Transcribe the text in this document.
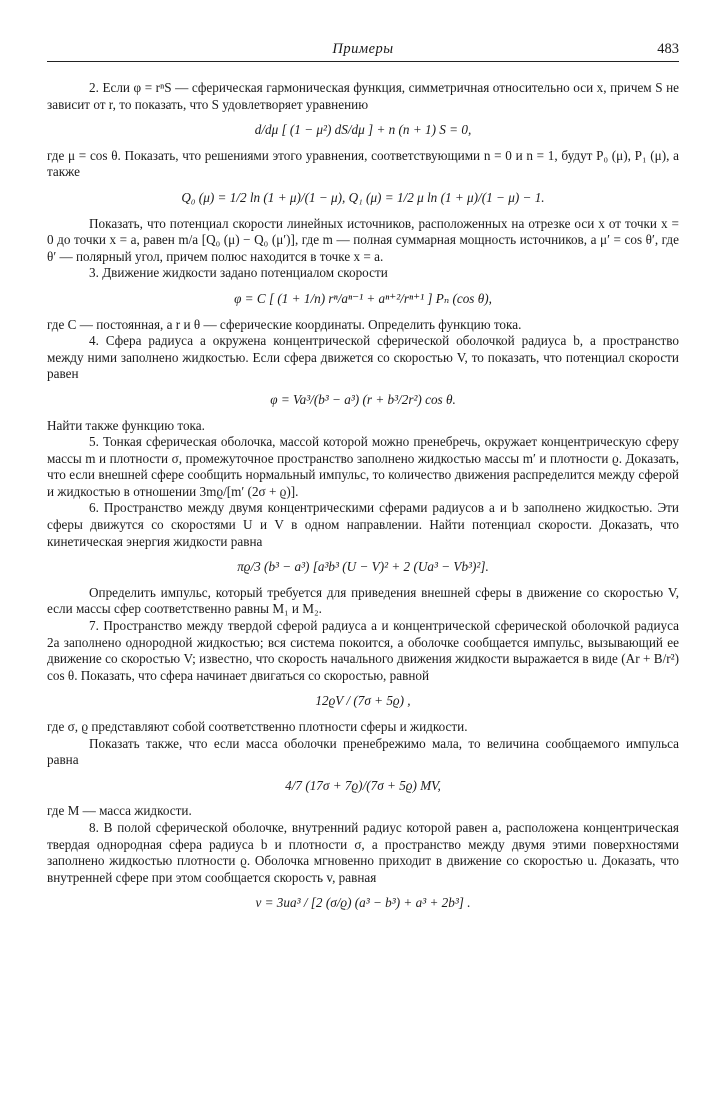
Примеры	483

2. Если φ = rⁿS — сферическая гармоническая функция, симметричная относительно оси x, причем S не зависит от r, то показать, что S удовлетворяет уравнению

d/dμ [ (1 − μ²) dS/dμ ] + n (n + 1) S = 0,

где μ = cos θ. Показать, что решениями этого уравнения, соответствующими n = 0 и n = 1, будут P₀ (μ), P₁ (μ), а также

Q₀ (μ) = 1/2 ln (1 + μ)/(1 − μ), Q₁ (μ) = 1/2 μ ln (1 + μ)/(1 − μ) − 1.

Показать, что потенциал скорости линейных источников, расположенных на отрезке оси x от точки x = 0 до точки x = a, равен m/a [Q₀ (μ) − Q₀ (μ′)], где m — полная суммарная мощность источников, а μ′ = cos θ′, где θ′ — полярный угол, причем полюс находится в точке x = a.

3. Движение жидкости задано потенциалом скорости

φ = C [ (1 + 1/n) rⁿ/aⁿ⁻¹ + aⁿ⁺²/rⁿ⁺¹ ] Pₙ (cos θ),

где C — постоянная, а r и θ — сферические координаты. Определить функцию тока.

4. Сфера радиуса a окружена концентрической сферической оболочкой радиуса b, а пространство между ними заполнено жидкостью. Если сфера движется со скоростью V, то показать, что потенциал скорости равен

φ = Va³/(b³ − a³) (r + b³/2r²) cos θ.

Найти также функцию тока.

5. Тонкая сферическая оболочка, массой которой можно пренебречь, окружает концентрическую сферу массы m и плотности σ, промежуточное пространство заполнено жидкостью массы m′ и плотности ϱ. Доказать, что если внешней сфере сообщить нормальный импульс, то количество движения распределится между сферой и жидкостью в отношении 3mϱ/[m′ (2σ + ϱ)].

6. Пространство между двумя концентрическими сферами радиусов a и b заполнено жидкостью. Эти сферы движутся со скоростями U и V в одном направлении. Найти потенциал скорости. Доказать, что кинетическая энергия жидкости равна

πϱ/3 (b³ − a³) [a³b³ (U − V)² + 2 (Ua³ − Vb³)²].

Определить импульс, который требуется для приведения внешней сферы в движение со скоростью V, если массы сфер соответственно равны M₁ и M₂.

7. Пространство между твердой сферой радиуса a и концентрической сферической оболочкой радиуса 2a заполнено однородной жидкостью; вся система покоится, а оболочке сообщается импульс, вызывающий ее движение со скоростью V; известно, что скорость начального движения жидкости выражается в виде (Ar + B/r²) cos θ. Показать, что сфера начинает двигаться со скоростью, равной

12ϱV / (7σ + 5ϱ) ,

где σ, ϱ представляют собой соответственно плотности сферы и жидкости.

Показать также, что если масса оболочки пренебрежимо мала, то величина сообщаемого импульса равна

4/7 (17σ + 7ϱ)/(7σ + 5ϱ) MV,

где M — масса жидкости.

8. В полой сферической оболочке, внутренний радиус которой равен a, расположена концентрическая твердая однородная сфера радиуса b и плотности σ, а пространство между двумя этими поверхностями заполнено жидкостью плотности ϱ. Оболочка мгновенно приходит в движение со скоростью u. Доказать, что внутренней сфере при этом сообщается скорость v, равная

v = 3ua³ / [2 (σ/ϱ) (a³ − b³) + a³ + 2b³] .
